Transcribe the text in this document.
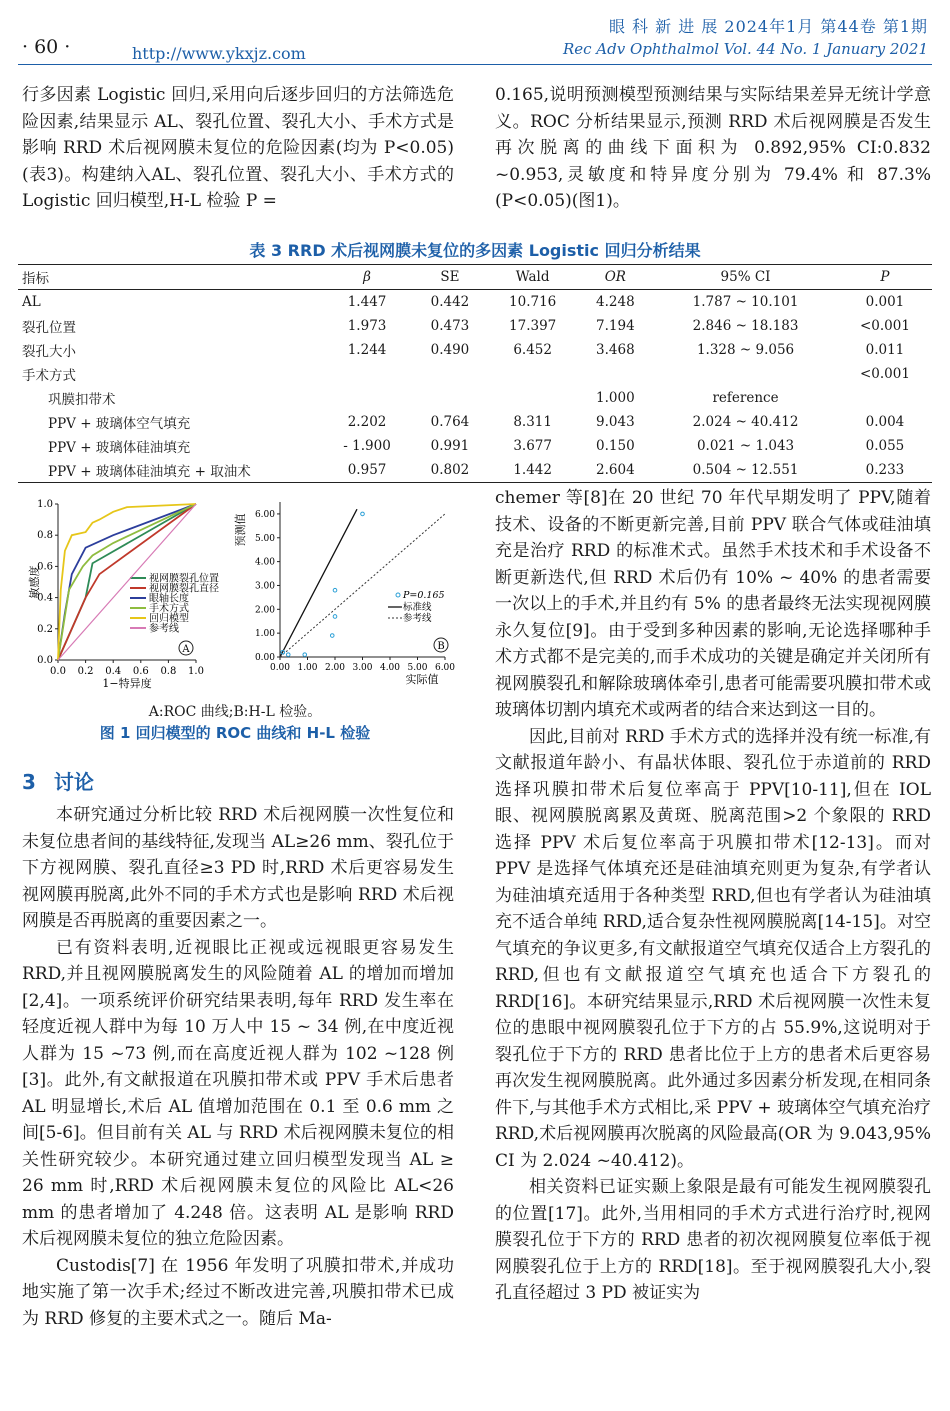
· 60 ·	http://www.ykxjz.com
眼 科 新 进 展 2024年1月 第44卷 第1期
Rec Adv Ophthalmol Vol. 44 No. 1 January 2021

行多因素 Logistic 回归,采用向后逐步回归的方法筛选危险因素,结果显示 AL、裂孔位置、裂孔大小、手术方式是影响 RRD 术后视网膜未复位的危险因素(均为 P<0.05)(表3)。构建纳入AL、裂孔位置、裂孔大小、手术方式的 Logistic 回归模型,H-L 检验 P =

0.165,说明预测模型预测结果与实际结果差异无统计学意义。ROC 分析结果显示,预测 RRD 术后视网膜是否发生再次脱离的曲线下面积为 0.892,95% CI:0.832 ~0.953,灵敏度和特异度分别为 79.4% 和 87.3%(P<0.05)(图1)。

表 3 RRD 术后视网膜未复位的多因素 Logistic 回归分析结果
指标	β	SE	Wald	OR	95% CI	P
AL	1.447	0.442	10.716	4.248	1.787 ~ 10.101	0.001
裂孔位置	1.973	0.473	17.397	7.194	2.846 ~ 18.183	<0.001
裂孔大小	1.244	0.490	6.452	3.468	1.328 ~ 9.056	0.011
手术方式						<0.001
巩膜扣带术				1.000	reference	
PPV + 玻璃体空气填充	2.202	0.764	8.311	9.043	2.024 ~ 40.412	0.004
PPV + 玻璃体硅油填充	- 1.900	0.991	3.677	0.150	0.021 ~ 1.043	0.055
PPV + 玻璃体硅油填充 + 取油术	0.957	0.802	1.442	2.604	0.504 ~ 12.551	0.233
0.0 0.2 0.4 0.6 0.8 1.0
0.0
0.2
0.4
0.6
0.8
1.0
1−特异度
敏感度	视网膜裂孔位置
视网膜裂孔直径
眼轴长度
手术方式
回归模型
参考线
A
0.00 1.00 2.00 3.00 4.00 5.00 6.00
0.00
1.00
2.00
3.00
4.00
5.00
6.00
实际值
预测值
P=0.165
标准线
参考线
B
A:ROC 曲线;B:H-L 检验。
图 1 回归模型的 ROC 曲线和 H-L 检验
3 讨论

本研究通过分析比较 RRD 术后视网膜一次性复位和未复位患者间的基线特征,发现当 AL≥26 mm、裂孔位于下方视网膜、裂孔直径≥3 PD 时,RRD 术后更容易发生视网膜再脱离,此外不同的手术方式也是影响 RRD 术后视网膜是否再脱离的重要因素之一。

已有资料表明,近视眼比正视或远视眼更容易发生 RRD,并且视网膜脱离发生的风险随着 AL 的增加而增加[2,4]。一项系统评价研究结果表明,每年 RRD 发生率在轻度近视人群中为每 10 万人中 15 ~ 34 例,在中度近视人群为 15 ~73 例,而在高度近视人群为 102 ~128 例[3]。此外,有文献报道在巩膜扣带术或 PPV 手术后患者 AL 明显增长,术后 AL 值增加范围在 0.1 至 0.6 mm 之间[5-6]。但目前有关 AL 与 RRD 术后视网膜未复位的相关性研究较少。本研究通过建立回归模型发现当 AL ≥ 26 mm 时,RRD 术后视网膜未复位的风险比 AL<26 mm 的患者增加了 4.248 倍。这表明 AL 是影响 RRD 术后视网膜未复位的独立危险因素。

Custodis[7] 在 1956 年发明了巩膜扣带术,并成功地实施了第一次手术;经过不断改进完善,巩膜扣带术已成为 RRD 修复的主要术式之一。随后 Ma-

chemer 等[8]在 20 世纪 70 年代早期发明了 PPV,随着技术、设备的不断更新完善,目前 PPV 联合气体或硅油填充是治疗 RRD 的标准术式。虽然手术技术和手术设备不断更新迭代,但 RRD 术后仍有 10% ~ 40% 的患者需要一次以上的手术,并且约有 5% 的患者最终无法实现视网膜永久复位[9]。由于受到多种因素的影响,无论选择哪种手术方式都不是完美的,而手术成功的关键是确定并关闭所有视网膜裂孔和解除玻璃体牵引,患者可能需要巩膜扣带术或玻璃体切割内填充术或两者的结合来达到这一目的。

因此,目前对 RRD 手术方式的选择并没有统一标准,有文献报道年龄小、有晶状体眼、裂孔位于赤道前的 RRD 选择巩膜扣带术后复位率高于 PPV[10-11],但在 IOL 眼、视网膜脱离累及黄斑、脱离范围>2 个象限的 RRD 选择 PPV 术后复位率高于巩膜扣带术[12-13]。而对 PPV 是选择气体填充还是硅油填充则更为复杂,有学者认为硅油填充适用于各种类型 RRD,但也有学者认为硅油填充不适合单纯 RRD,适合复杂性视网膜脱离[14-15]。对空气填充的争议更多,有文献报道空气填充仅适合上方裂孔的 RRD,但也有文献报道空气填充也适合下方裂孔的 RRD[16]。本研究结果显示,RRD 术后视网膜一次性未复位的患眼中视网膜裂孔位于下方的占 55.9%,这说明对于裂孔位于下方的 RRD 患者比位于上方的患者术后更容易再次发生视网膜脱离。此外通过多因素分析发现,在相同条件下,与其他手术方式相比,采 PPV + 玻璃体空气填充治疗 RRD,术后视网膜再次脱离的风险最高(OR 为 9.043,95% CI 为 2.024 ~40.412)。

相关资料已证实颞上象限是最有可能发生视网膜裂孔的位置[17]。此外,当用相同的手术方式进行治疗时,视网膜裂孔位于下方的 RRD 患者的初次视网膜复位率低于视网膜裂孔位于上方的 RRD[18]。至于视网膜裂孔大小,裂孔直径超过 3 PD 被证实为
